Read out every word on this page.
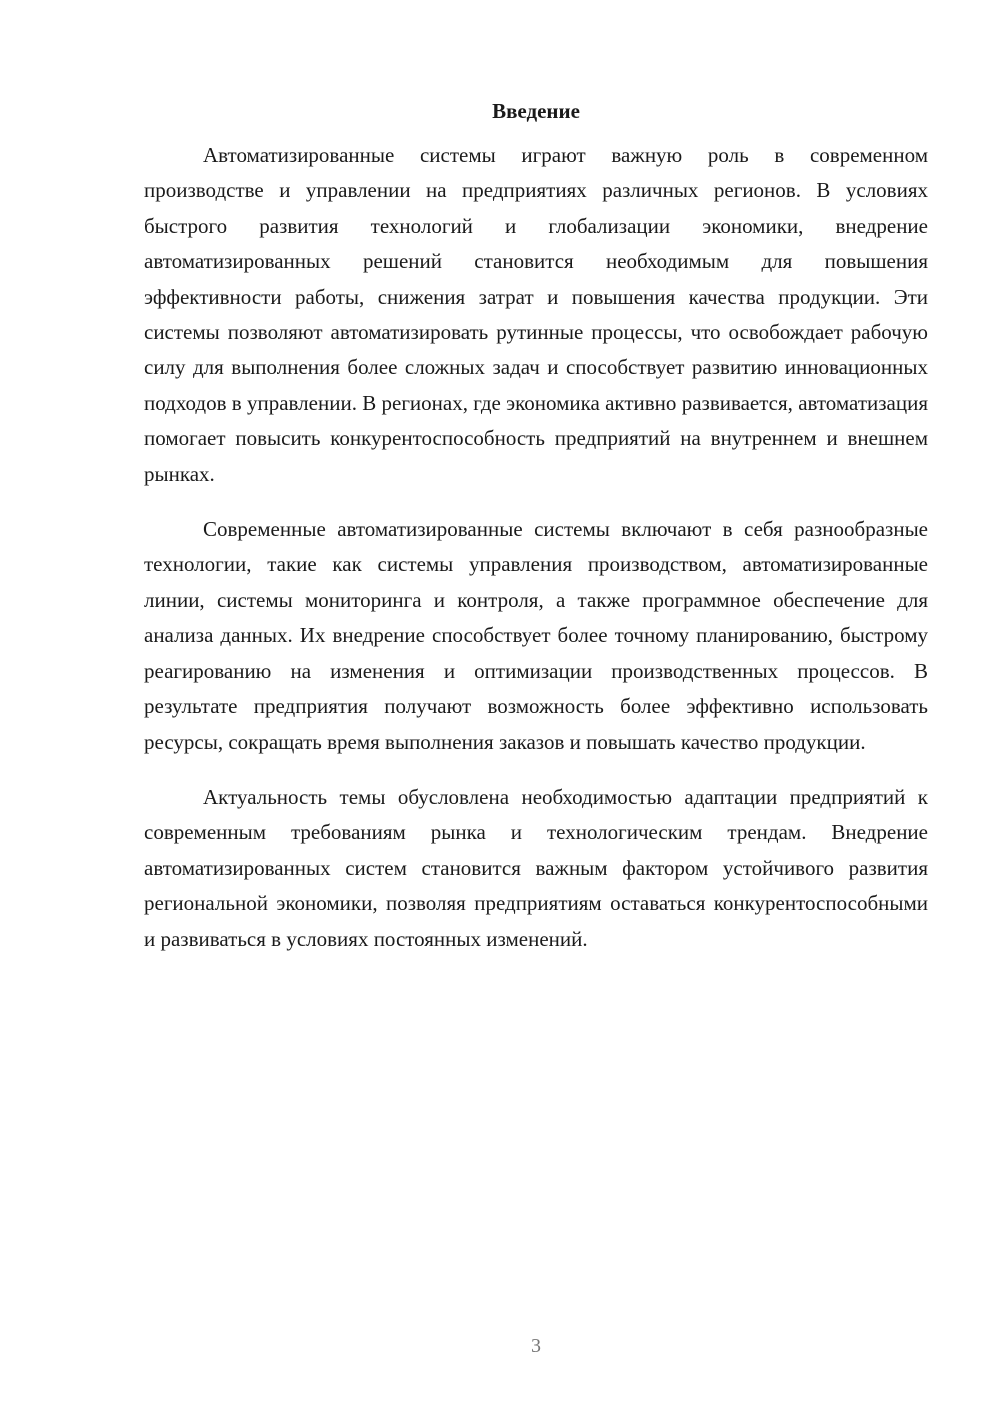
Введение

Автоматизированные системы играют важную роль в современном производстве и управлении на предприятиях различных регионов. В условиях быстрого развития технологий и глобализации экономики, внедрение автоматизированных решений становится необходимым для повышения эффективности работы, снижения затрат и повышения качества продукции. Эти системы позволяют автоматизировать рутинные процессы, что освобождает рабочую силу для выполнения более сложных задач и способствует развитию инновационных подходов в управлении. В регионах, где экономика активно развивается, автоматизация помогает повысить конкурентоспособность предприятий на внутреннем и внешнем рынках.

Современные автоматизированные системы включают в себя разнообразные технологии, такие как системы управления производством, автоматизированные линии, системы мониторинга и контроля, а также программное обеспечение для анализа данных. Их внедрение способствует более точному планированию, быстрому реагированию на изменения и оптимизации производственных процессов. В результате предприятия получают возможность более эффективно использовать ресурсы, сокращать время выполнения заказов и повышать качество продукции.

Актуальность темы обусловлена необходимостью адаптации предприятий к современным требованиям рынка и технологическим трендам. Внедрение автоматизированных систем становится важным фактором устойчивого развития региональной экономики, позволяя предприятиям оставаться конкурентоспособными и развиваться в условиях постоянных изменений.

3
